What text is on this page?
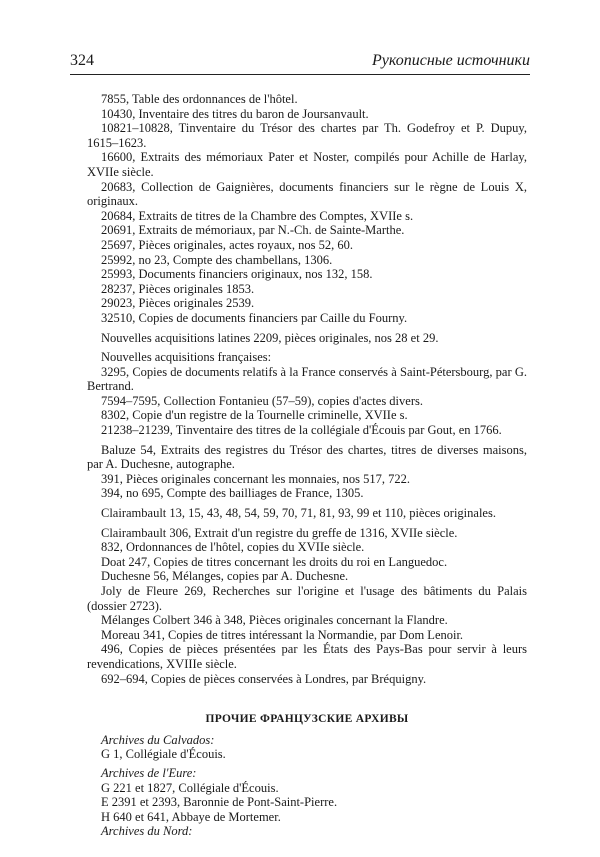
324	Рукописные источники

7855, Table des ordonnances de l'hôtel.

10430, Inventaire des titres du baron de Joursanvault.

10821–10828, Tinventaire du Trésor des chartes par Th. Godefroy et P. Dupuy, 1615–1623.

16600, Extraits des mémoriaux Pater et Noster, compilés pour Achille de Harlay, XVIIe siècle.

20683, Collection de Gaignières, documents financiers sur le règne de Louis X, originaux.

20684, Extraits de titres de la Chambre des Comptes, XVIIe s.

20691, Extraits de mémoriaux, par N.-Ch. de Sainte-Marthe.

25697, Pièces originales, actes royaux, nos 52, 60.

25992, no 23, Compte des chambellans, 1306.

25993, Documents financiers originaux, nos 132, 158.

28237, Pièces originales 1853.

29023, Pièces originales 2539.

32510, Copies de documents financiers par Caille du Fourny.

Nouvelles acquisitions latines 2209, pièces originales, nos 28 et 29.

Nouvelles acquisitions françaises:

3295, Copies de documents relatifs à la France conservés à Saint-Pétersbourg, par G. Bertrand.

7594–7595, Collection Fontanieu (57–59), copies d'actes divers.

8302, Copie d'un registre de la Tournelle criminelle, XVIIe s.

21238–21239, Tinventaire des titres de la collégiale d'Écouis par Gout, en 1766.

Baluze 54, Extraits des registres du Trésor des chartes, titres de diverses maisons, par A. Duchesne, autographe.

391, Pièces originales concernant les monnaies, nos 517, 722.

394, no 695, Compte des bailliages de France, 1305.

Clairambault 13, 15, 43, 48, 54, 59, 70, 71, 81, 93, 99 et 110, pièces originales.

Clairambault 306, Extrait d'un registre du greffe de 1316, XVIIe siècle.

832, Ordonnances de l'hôtel, copies du XVIIe siècle.

Doat 247, Copies de titres concernant les droits du roi en Languedoc.

Duchesne 56, Mélanges, copies par A. Duchesne.

Joly de Fleure 269, Recherches sur l'origine et l'usage des bâtiments du Palais (dossier 2723).

Mélanges Colbert 346 à 348, Pièces originales concernant la Flandre.

Moreau 341, Copies de titres intéressant la Normandie, par Dom Lenoir.

496, Copies de pièces présentées par les États des Pays-Bas pour servir à leurs revendications, XVIIIe siècle.

692–694, Copies de pièces conservées à Londres, par Bréquigny.

ПРОЧИЕ ФРАНЦУЗСКИЕ АРХИВЫ

Archives du Calvados:

G 1, Collégiale d'Écouis.

Archives de l'Eure:

G 221 et 1827, Collégiale d'Écouis.

E 2391 et 2393, Baronnie de Pont-Saint-Pierre.

H 640 et 641, Abbaye de Mortemer.

Archives du Nord:
